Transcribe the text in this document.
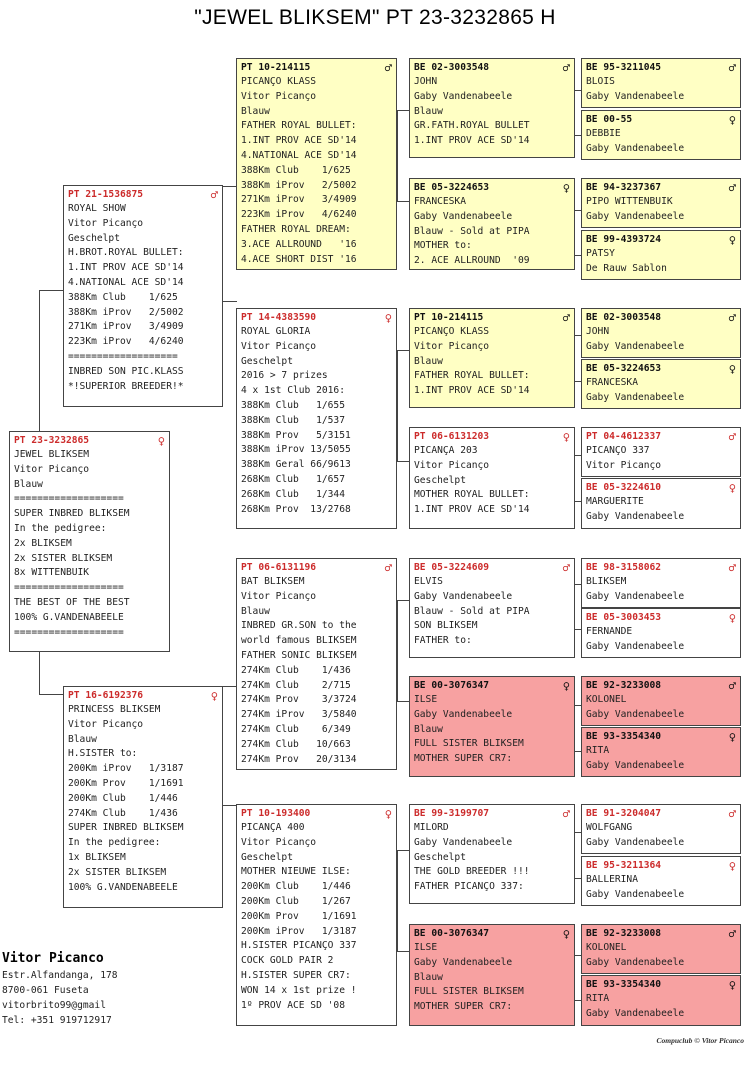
"JEWEL BLIKSEM" PT 23-3232865 H
PT 23-3232865	♀
JEWEL BLIKSEM
Vitor Picanço
Blauw
===================
SUPER INBRED BLIKSEM
In the pedigree:
2x BLIKSEM
2x SISTER BLIKSEM
8x WITTENBUIK
===================
THE BEST OF THE BEST
100% G.VANDENABEELE
===================
PT 21-1536875	♂
ROYAL SHOW
Vitor Picanço
Geschelpt
H.BROT.ROYAL BULLET:
1.INT PROV ACE SD'14
4.NATIONAL ACE SD'14
388Km Club    1/625
388Km iProv   2/5002
271Km iProv   3/4909
223Km iProv   4/6240
===================
INBRED SON PIC.KLASS
*!SUPERIOR BREEDER!*
PT 16-6192376	♀
PRINCESS BLIKSEM
Vitor Picanço
Blauw
H.SISTER to:
200Km iProv   1/3187
200Km Prov    1/1691
200Km Club    1/446
274Km Club    1/436
SUPER INBRED BLIKSEM
In the pedigree:
1x BLIKSEM
2x SISTER BLIKSEM
100% G.VANDENABEELE
PT 10-214115	♂
PICANÇO KLASS
Vitor Picanço
Blauw
FATHER ROYAL BULLET:
1.INT PROV ACE SD'14
4.NATIONAL ACE SD'14
388Km Club    1/625
388Km iProv   2/5002
271Km iProv   3/4909
223Km iProv   4/6240
FATHER ROYAL DREAM:
3.ACE ALLROUND   '16
4.ACE SHORT DIST '16
PT 14-4383590	♀
ROYAL GLORIA
Vitor Picanço
Geschelpt
2016 > 7 prizes
4 x 1st Club 2016:
388Km Club   1/655
388Km Club   1/537
388Km Prov   5/3151
388Km iProv 13/5055
388Km Geral 66/9613
268Km Club   1/657
268Km Club   1/344
268Km Prov  13/2768
PT 06-6131196	♂
BAT BLIKSEM
Vitor Picanço
Blauw
INBRED GR.SON to the
world famous BLIKSEM
FATHER SONIC BLIKSEM
274Km Club    1/436
274Km Club    2/715
274Km Prov    3/3724
274Km iProv   3/5840
274Km Club    6/349
274Km Club   10/663
274Km Prov   20/3134
PT 10-193400	♀
PICANÇA 400
Vitor Picanço
Geschelpt
MOTHER NIEUWE ILSE:
200Km Club    1/446
200Km Club    1/267
200Km Prov    1/1691
200Km iProv   1/3187
H.SISTER PICANÇO 337
COCK GOLD PAIR 2
H.SISTER SUPER CR7:
WON 14 x 1st prize !
1º PROV ACE SD '08
BE 02-3003548	♂
JOHN
Gaby Vandenabeele
Blauw
GR.FATH.ROYAL BULLET
1.INT PROV ACE SD'14
BE 05-3224653	♀
FRANCESKA
Gaby Vandenabeele
Blauw - Sold at PIPA
MOTHER to:
2. ACE ALLROUND  '09
PT 10-214115	♂
PICANÇO KLASS
Vitor Picanço
Blauw
FATHER ROYAL BULLET:
1.INT PROV ACE SD'14
PT 06-6131203	♀
PICANÇA 203
Vitor Picanço
Geschelpt
MOTHER ROYAL BULLET:
1.INT PROV ACE SD'14
BE 05-3224609	♂
ELVIS
Gaby Vandenabeele
Blauw - Sold at PIPA
SON BLIKSEM
FATHER to:
BE 00-3076347	♀
ILSE
Gaby Vandenabeele
Blauw
FULL SISTER BLIKSEM
MOTHER SUPER CR7:
BE 99-3199707	♂
MILORD
Gaby Vandenabeele
Geschelpt
THE GOLD BREEDER !!!
FATHER PICANÇO 337:
BE 00-3076347	♀
ILSE
Gaby Vandenabeele
Blauw
FULL SISTER BLIKSEM
MOTHER SUPER CR7:
BE 95-3211045	♂
BLOIS
Gaby Vandenabeele
BE 00-55	♀
DEBBIE
Gaby Vandenabeele
BE 94-3237367	♂
PIPO WITTENBUIK
Gaby Vandenabeele
BE 99-4393724	♀
PATSY
De Rauw Sablon
BE 02-3003548	♂
JOHN
Gaby Vandenabeele
BE 05-3224653	♀
FRANCESKA
Gaby Vandenabeele
PT 04-4612337	♂
PICANÇO 337
Vitor Picanço
BE 05-3224610	♀
MARGUERITE
Gaby Vandenabeele
BE 98-3158062	♂
BLIKSEM
Gaby Vandenabeele
BE 05-3003453	♀
FERNANDE
Gaby Vandenabeele
BE 92-3233008	♂
KOLONEL
Gaby Vandenabeele
BE 93-3354340	♀
RITA
Gaby Vandenabeele
BE 91-3204047	♂
WOLFGANG
Gaby Vandenabeele
BE 95-3211364	♀
BALLERINA
Gaby Vandenabeele
BE 92-3233008	♂
KOLONEL
Gaby Vandenabeele
BE 93-3354340	♀
RITA
Gaby Vandenabeele
Vitor Picanco
Estr.Alfandanga, 178
8700-061 Fuseta
vitorbrito99@gmail
Tel: +351 919712917
Compuclub © Vitor Picanco
